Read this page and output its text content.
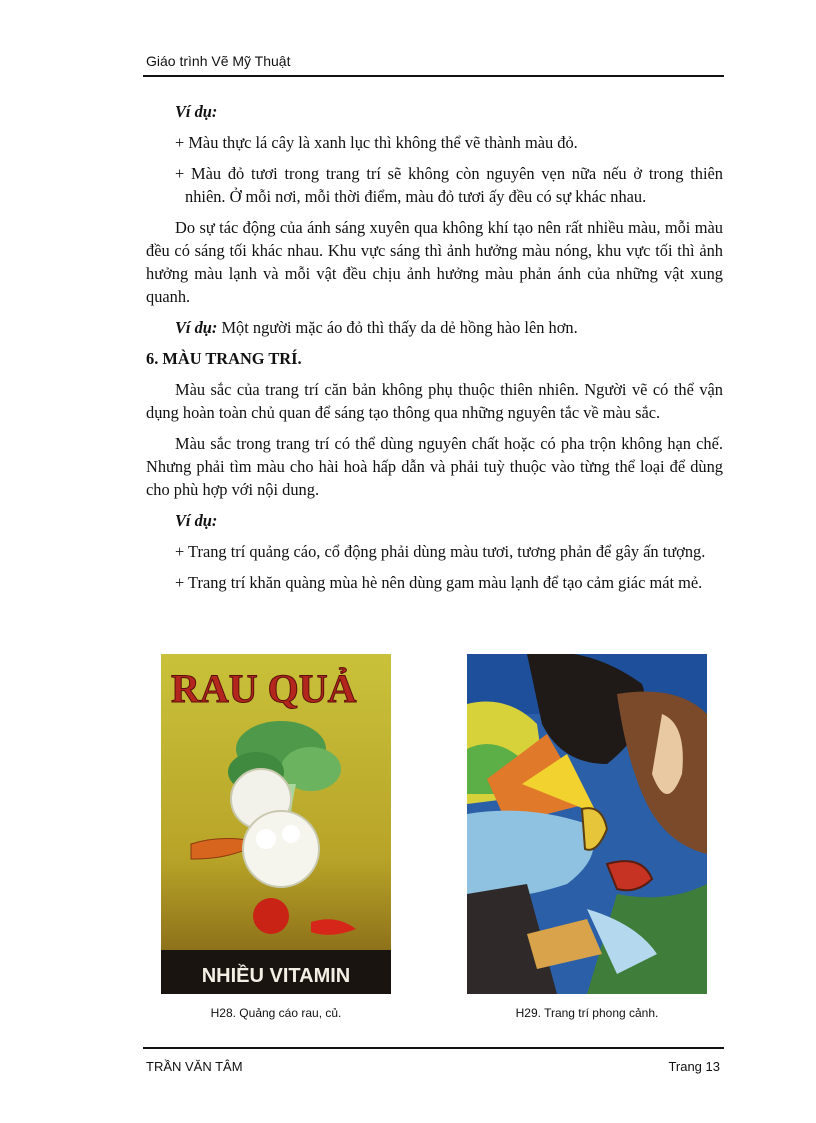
Giáo trình Vẽ Mỹ Thuật

Ví dụ:

+ Màu thực lá cây là xanh lục thì không thể vẽ thành màu đỏ.

+ Màu đỏ tươi trong trang trí sẽ không còn nguyên vẹn nữa nếu ở trong thiên nhiên. Ở mỗi nơi, mỗi thời điểm, màu đỏ tươi ấy đều có sự khác nhau.

Do sự tác động của ánh sáng xuyên qua không khí tạo nên rất nhiều màu, mỗi màu đều có sáng tối khác nhau. Khu vực sáng thì ảnh hưởng màu nóng, khu vực tối thì ảnh hưởng màu lạnh và mỗi vật đều chịu ảnh hưởng màu phản ánh của những vật xung quanh.

Ví dụ: Một người mặc áo đỏ thì thấy da dẻ hồng hào lên hơn.

6. MÀU TRANG TRÍ.

Màu sắc của trang trí căn bản không phụ thuộc thiên nhiên. Người vẽ có thể vận dụng hoàn toàn chủ quan để sáng tạo thông qua những nguyên tắc về màu sắc.

Màu sắc trong trang trí có thể dùng nguyên chất hoặc có pha trộn không hạn chế. Nhưng phải tìm màu cho hài hoà hấp dẫn và phải tuỳ thuộc vào từng thể loại để dùng cho phù hợp với nội dung.

Ví dụ:

+ Trang trí quảng cáo, cổ động phải dùng màu tươi, tương phản để gây ấn tượng.

+ Trang trí khăn quàng mùa hè nên dùng gam màu lạnh để tạo cảm giác mát mẻ.

RAU QUẢ
NHIỀU VITAMIN
H28. Quảng cáo rau, củ.	H29. Trang trí phong cảnh.
TRẦN VĂN TÂM	Trang 13
